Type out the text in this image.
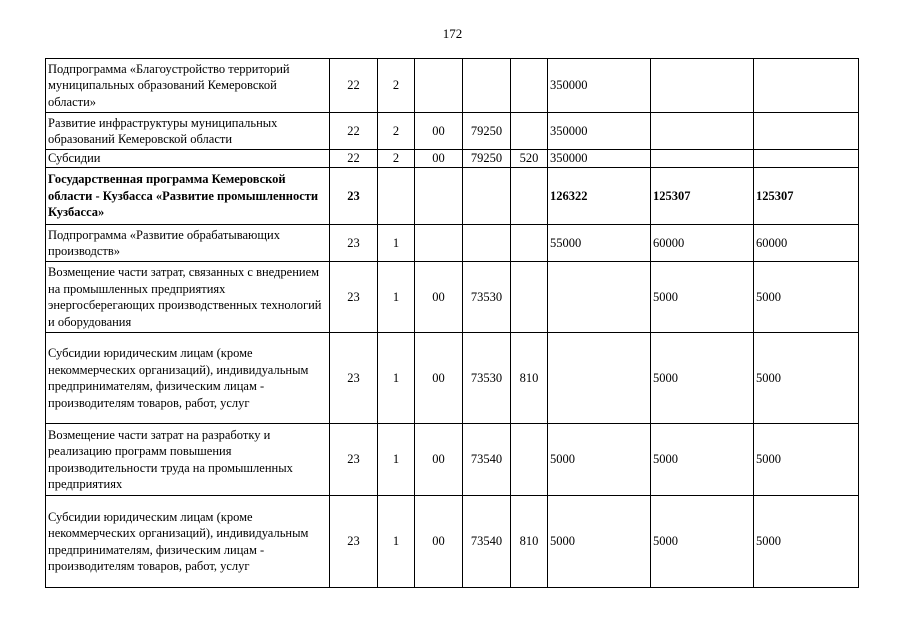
172
Подпрограмма «Благоустройство территорий муниципальных образований Кемеровской области»	22	2				350000		
Развитие инфраструктуры муниципальных образований Кемеровской области	22	2	00	79250		350000		
Субсидии	22	2	00	79250	520	350000		
Государственная программа Кемеровской области - Кузбасса «Развитие промышленности Кузбасса»	23					126322	125307	125307
Подпрограмма «Развитие обрабатывающих производств»	23	1				55000	60000	60000
Возмещение части затрат, связанных с внедрением на промышленных предприятиях энергосберегающих производственных технологий и оборудования	23	1	00	73530			5000	5000
Субсидии юридическим лицам (кроме некоммерческих организаций), индивидуальным предпринимателям, физическим лицам - производителям товаров, работ, услуг	23	1	00	73530	810		5000	5000
Возмещение части затрат на разработку и реализацию программ повышения производительности труда на промышленных предприятиях	23	1	00	73540		5000	5000	5000
Субсидии юридическим лицам (кроме некоммерческих организаций), индивидуальным предпринимателям, физическим лицам - производителям товаров, работ, услуг	23	1	00	73540	810	5000	5000	5000
